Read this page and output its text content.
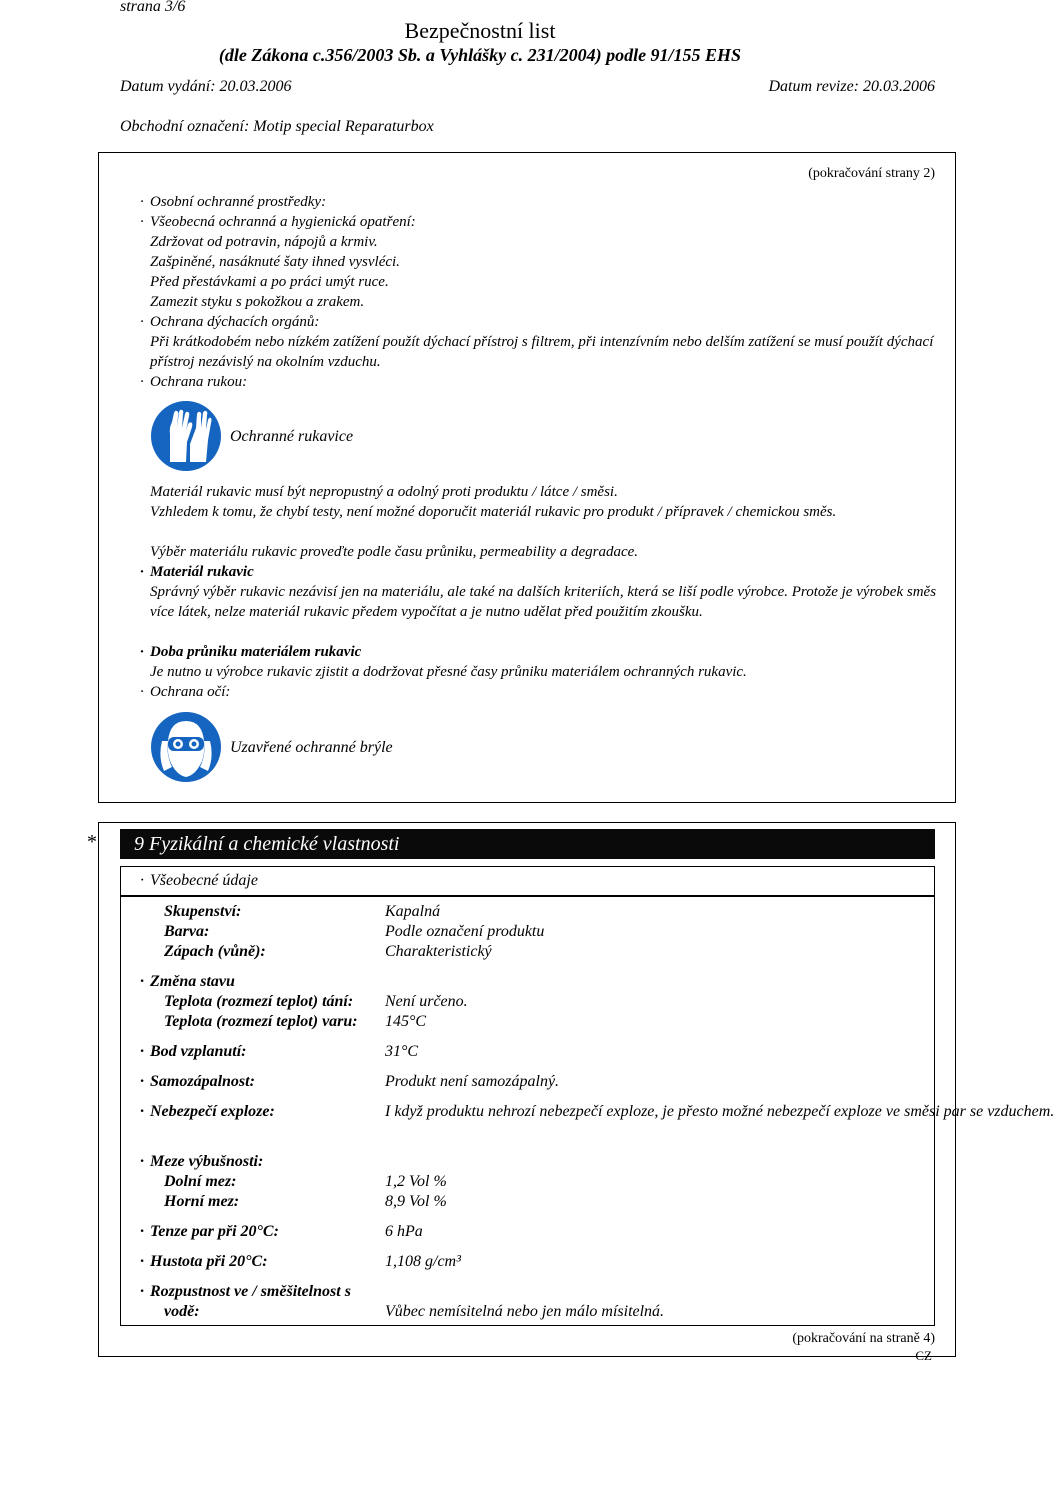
strana 3/6
Bezpečnostní list
(dle Zákona c.356/2003 Sb. a Vyhlášky c. 231/2004) podle 91/155 EHS
Datum vydání: 20.03.2006	Datum revize: 20.03.2006
Obchodní označení: Motip special Reparaturbox
(pokračování strany 2)
· Osobní ochranné prostředky:
· Všeobecná ochranná a hygienická opatření:
Zdržovat od potravin, nápojů a krmiv.
Zašpiněné, nasáknuté šaty ihned vysvléci.
Před přestávkami a po práci umýt ruce.
Zamezit styku s pokožkou a zrakem.
· Ochrana dýchacích orgánů:
Při krátkodobém nebo nízkém zatížení použít dýchací přístroj s filtrem, při intenzívním nebo delším zatížení se musí použít dýchací přístroj nezávislý na okolním vzduchu.
· Ochrana rukou:
Ochranné rukavice
Materiál rukavic musí být nepropustný a odolný proti produktu / látce / směsi.
Vzhledem k tomu, že chybí testy, není možné doporučit materiál rukavic pro produkt / přípravek / chemickou směs.
Výběr materiálu rukavic proveďte podle času průniku, permeability a degradace.
· Materiál rukavic
Správný výběr rukavic nezávisí jen na materiálu, ale také na dalších kriteriích, která se liší podle výrobce. Protože je výrobek směs více látek, nelze materiál rukavic předem vypočítat a je nutno udělat před použitím zkoušku.
· Doba průniku materiálem rukavic
Je nutno u výrobce rukavic zjistit a dodržovat přesné časy průniku materiálem ochranných rukavic.
· Ochrana očí:
Uzavřené ochranné brýle
*	9 Fyzikální a chemické vlastnosti
· Všeobecné údaje
Skupenství:	Kapalná
Barva:	Podle označení produktu
Zápach (vůně):	Charakteristický
· Změna stavu
Teplota (rozmezí teplot) tání: Není určeno.
Teplota (rozmezí teplot) varu: 145°C
· Bod vzplanutí:	31°C
· Samozápalnost:	Produkt není samozápalný.
· Nebezpečí exploze:	I když produktu nehrozí nebezpečí exploze, je přesto možné nebezpečí exploze ve směsi par se vzduchem.
· Meze výbušnosti:
Dolní mez:	1,2 Vol %
Horní mez:	8,9 Vol %
· Tenze par při 20°C:	6 hPa
· Hustota při 20°C:	1,108 g/cm³
· Rozpustnost ve / směšitelnost s
vodě:	Vůbec nemísitelná nebo jen málo mísitelná.
(pokračování na straně 4)
CZ
